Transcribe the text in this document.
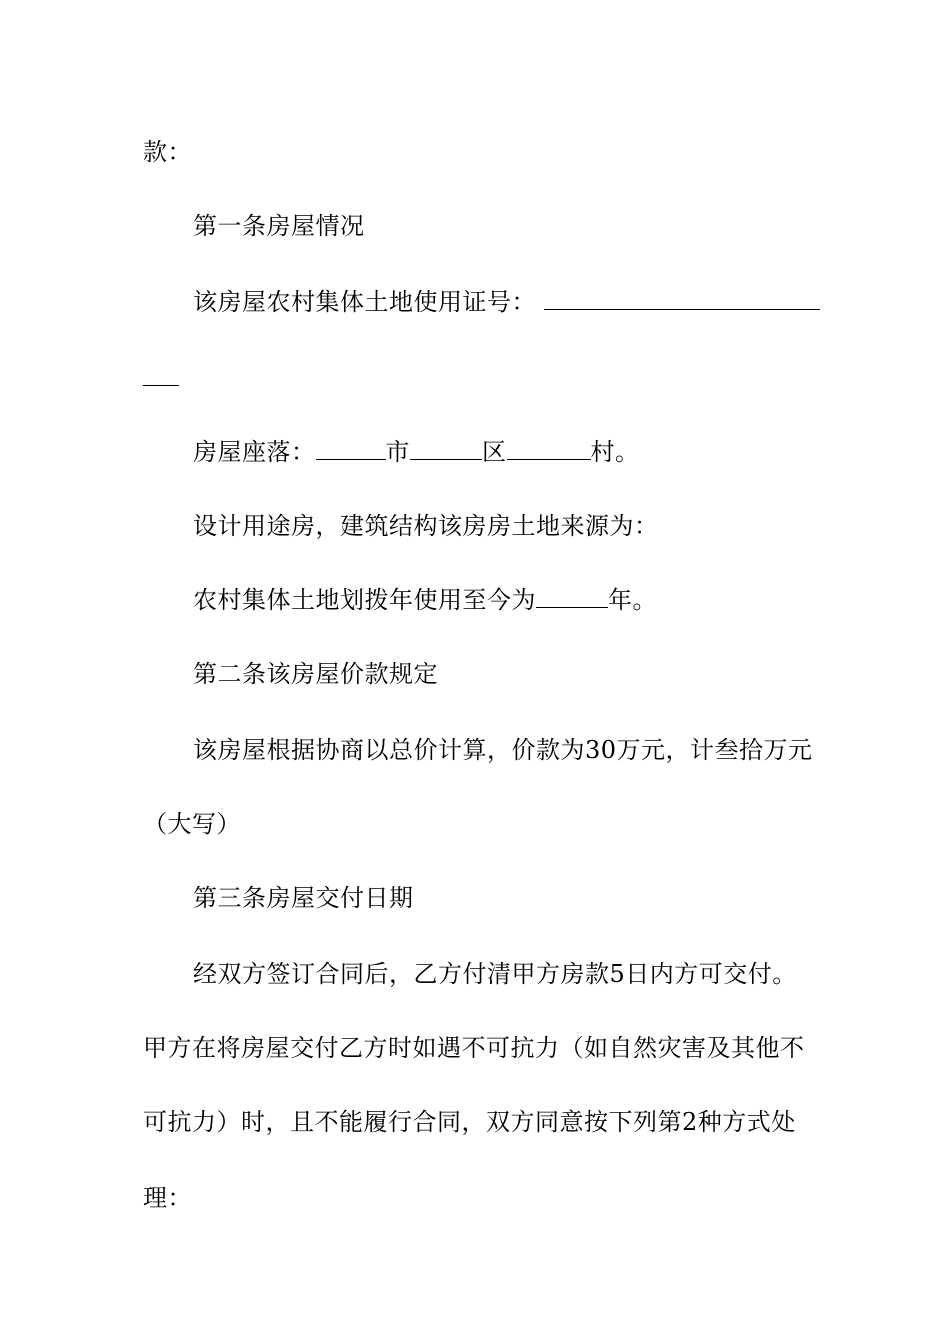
款：
第一条房屋情况
该房屋农村集体土地使用证号：
房屋座落：	市	区	村。
设计用途房，建筑结构该房房土地来源为：
农村集体土地划拨年使用至今为	年。
第二条该房屋价款规定
该房屋根据协商以总价计算，价款为30万元，计叁拾万元
（大写）
第三条房屋交付日期
经双方签订合同后，乙方付清甲方房款5日内方可交付。
甲方在将房屋交付乙方时如遇不可抗力（如自然灾害及其他不
可抗力）时，且不能履行合同，双方同意按下列第2种方式处
理：
